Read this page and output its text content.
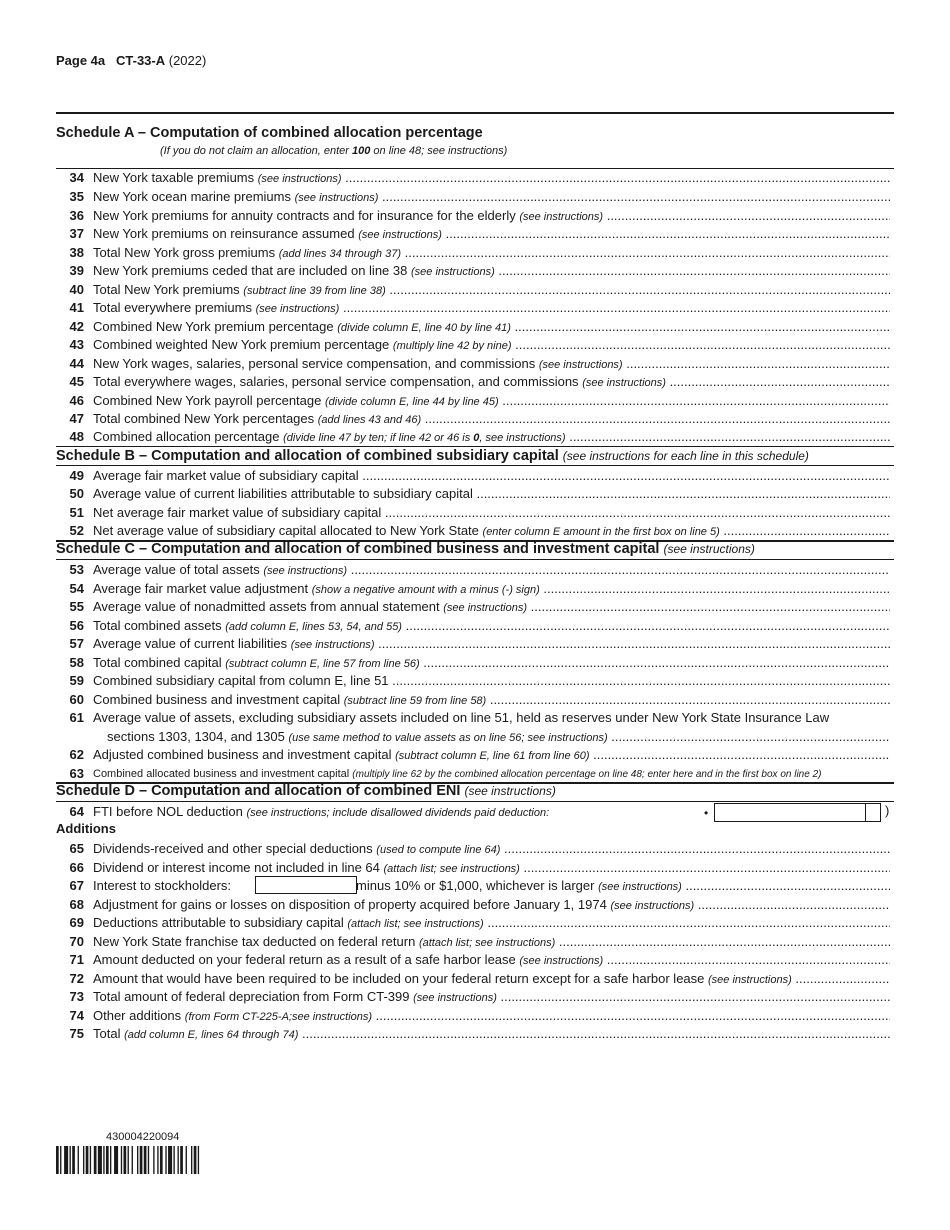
Page 4a CT-33-A (2022)
Schedule A – Computation of combined allocation percentage
(If you do not claim an allocation, enter 100 on line 48; see instructions)
34 New York taxable premiums (see instructions) .....
35 New York ocean marine premiums (see instructions) .....
36 New York premiums for annuity contracts and for insurance for the elderly (see instructions) .....
37 New York premiums on reinsurance assumed (see instructions) .....
38 Total New York gross premiums (add lines 34 through 37) .....
39 New York premiums ceded that are included on line 38 (see instructions) .....
40 Total New York premiums (subtract line 39 from line 38) .....
41 Total everywhere premiums (see instructions) .....
42 Combined New York premium percentage (divide column E, line 40 by line 41) .....
43 Combined weighted New York premium percentage (multiply line 42 by nine) .....
44 New York wages, salaries, personal service compensation, and commissions (see instructions) .....
45 Total everywhere wages, salaries, personal service compensation, and commissions (see instructions) .....
46 Combined New York payroll percentage (divide column E, line 44 by line 45) .....
47 Total combined New York percentages (add lines 43 and 46) .....
48 Combined allocation percentage (divide line 47 by ten; if line 42 or 46 is 0, see instructions) .....
Schedule B – Computation and allocation of combined subsidiary capital (see instructions for each line in this schedule)
49 Average fair market value of subsidiary capital .....
50 Average value of current liabilities attributable to subsidiary capital .....
51 Net average fair market value of subsidiary capital .....
52 Net average value of subsidiary capital allocated to New York State (enter column E amount in the first box on line 5) .....
Schedule C – Computation and allocation of combined business and investment capital (see instructions)
53 Average value of total assets (see instructions) .....
54 Average fair market value adjustment (show a negative amount with a minus (-) sign) .....
55 Average value of nonadmitted assets from annual statement (see instructions) .....
56 Total combined assets (add column E, lines 53, 54, and 55) .....
57 Average value of current liabilities (see instructions) .....
58 Total combined capital (subtract column E, line 57 from line 56) .....
59 Combined subsidiary capital from column E, line 51 .....
60 Combined business and investment capital (subtract line 59 from line 58) .....
61 Average value of assets, excluding subsidiary assets included on line 51, held as reserves under New York State Insurance Law
sections 1303, 1304, and 1305 (use same method to value assets as on line 56; see instructions) .....
62 Adjusted combined business and investment capital (subtract column E, line 61 from line 60) .....
63 Combined allocated business and investment capital (multiply line 62 by the combined allocation percentage on line 48; enter here and in the first box on line 2)
Schedule D – Computation and allocation of combined ENI (see instructions)
64 FTI before NOL deduction (see instructions; include disallowed dividends paid deduction:	•	)
Additions
65 Dividends-received and other special deductions (used to compute line 64) .....
66 Dividend or interest income not included in line 64 (attach list; see instructions) .....
67 Interest to stockholders:	minus 10% or $1,000, whichever is larger (see instructions) .....
68 Adjustment for gains or losses on disposition of property acquired before January 1, 1974 (see instructions) .....
69 Deductions attributable to subsidiary capital (attach list; see instructions) .....
70 New York State franchise tax deducted on federal return (attach list; see instructions) .....
71 Amount deducted on your federal return as a result of a safe harbor lease (see instructions) .....
72 Amount that would have been required to be included on your federal return except for a safe harbor lease (see instructions) .....
73 Total amount of federal depreciation from Form CT-399 (see instructions) .....
74 Other additions (from Form CT-225-A;see instructions) .....
75 Total (add column E, lines 64 through 74) .....
430004220094
